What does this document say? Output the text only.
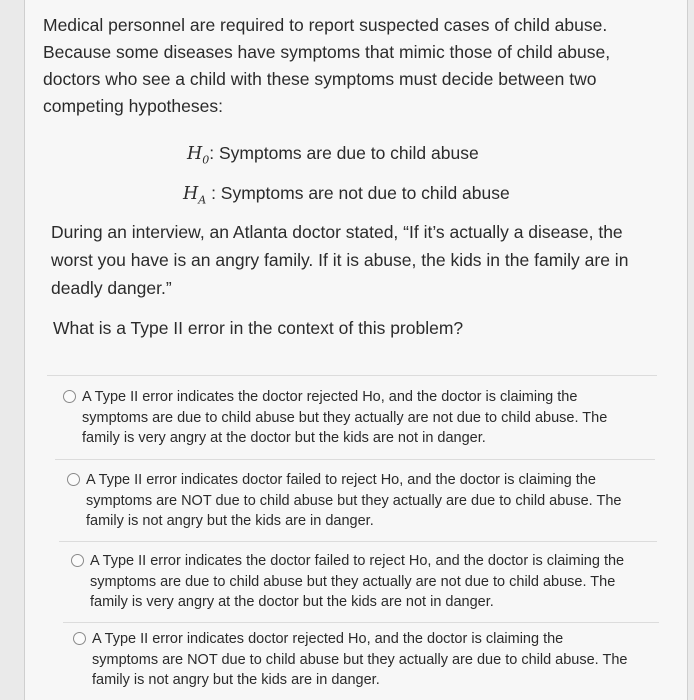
Medical personnel are required to report suspected cases of child abuse. Because some diseases have symptoms that mimic those of child abuse, doctors who see a child with these symptoms must decide between two competing hypotheses:
$H_0$: Symptoms are due to child abuse
$H_A$ : Symptoms are not due to child abuse
During an interview, an Atlanta doctor stated, “If it’s actually a disease, the worst you have is an angry family. If it is abuse, the kids in the family are in deadly danger.”
What is a Type II error in the context of this problem?
A Type II error indicates the doctor rejected Ho, and the doctor is claiming the symptoms are due to child abuse but they actually are not due to child abuse. The family is very angry at the doctor but the kids are not in danger.
A Type II error indicates doctor failed to reject Ho, and the doctor is claiming the symptoms are NOT due to child abuse but they actually are due to child abuse. The family is not angry but the kids are in danger.
A Type II error indicates the doctor failed to reject Ho, and the doctor is claiming the symptoms are due to child abuse but they actually are not due to child abuse. The family is very angry at the doctor but the kids are not in danger.
A Type II error indicates doctor rejected Ho, and the doctor is claiming the symptoms are NOT due to child abuse but they actually are due to child abuse. The family is not angry but the kids are in danger.
